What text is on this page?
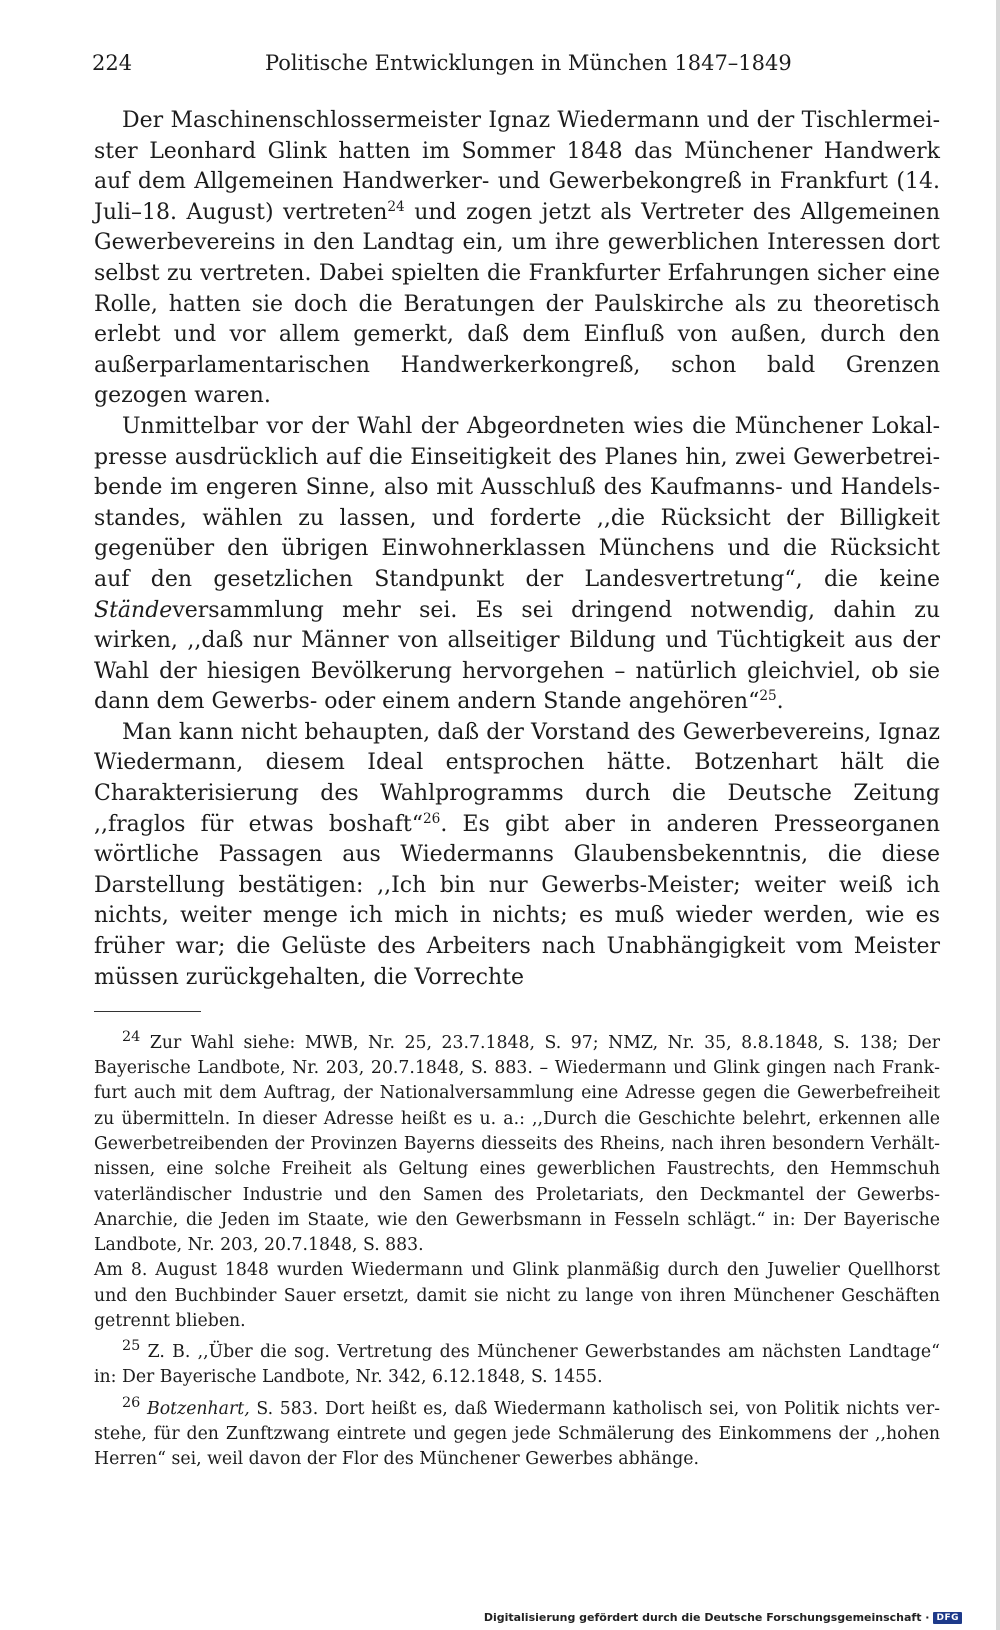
224	Politische Entwicklungen in München 1847–1849

Der Maschinenschlossermeister Ignaz Wiedermann und der Tischlermeister Leonhard Glink hatten im Sommer 1848 das Münchener Handwerk auf dem Allgemeinen Handwerker- und Gewerbekongreß in Frankfurt (14. Juli–18. August) vertreten$^{24}$ und zogen jetzt als Vertreter des Allgemeinen Gewerbevereins in den Landtag ein, um ihre gewerblichen Interessen dort selbst zu vertreten. Dabei spielten die Frankfurter Erfahrungen sicher eine Rolle, hatten sie doch die Beratungen der Paulskirche als zu theoretisch erlebt und vor allem gemerkt, daß dem Einfluß von außen, durch den außerparlamentarischen Handwerkerkongreß, schon bald Grenzen gezogen waren.

Unmittelbar vor der Wahl der Abgeordneten wies die Münchener Lokalpresse ausdrücklich auf die Einseitigkeit des Planes hin, zwei Gewerbetreibende im engeren Sinne, also mit Ausschluß des Kaufmanns- und Handelsstandes, wählen zu lassen, und forderte ,,die Rücksicht der Billigkeit gegenüber den übrigen Einwohnerklassen Münchens und die Rücksicht auf den gesetzlichen Standpunkt der Landesvertretung“, die keine Ständeversammlung mehr sei. Es sei dringend notwendig, dahin zu wirken, ,,daß nur Männer von allseitiger Bildung und Tüchtigkeit aus der Wahl der hiesigen Bevölkerung hervorgehen – natürlich gleichviel, ob sie dann dem Gewerbs- oder einem andern Stande angehören“$^{25}$.

Man kann nicht behaupten, daß der Vorstand des Gewerbevereins, Ignaz Wiedermann, diesem Ideal entsprochen hätte. Botzenhart hält die Charakterisierung des Wahlprogramms durch die Deutsche Zeitung ,,fraglos für etwas boshaft“$^{26}$. Es gibt aber in anderen Presseorganen wörtliche Passagen aus Wiedermanns Glaubensbekenntnis, die diese Darstellung bestätigen: ,,Ich bin nur Gewerbs-Meister; weiter weiß ich nichts, weiter menge ich mich in nichts; es muß wieder werden, wie es früher war; die Gelüste des Arbeiters nach Unabhängigkeit vom Meister müssen zurückgehalten, die Vorrechte

$^{24}$ Zur Wahl siehe: MWB, Nr. 25, 23.7.1848, S. 97; NMZ, Nr. 35, 8.8.1848, S. 138; Der Bayerische Landbote, Nr. 203, 20.7.1848, S. 883. – Wiedermann und Glink gingen nach Frankfurt auch mit dem Auftrag, der Nationalversammlung eine Adresse gegen die Gewerbefreiheit zu übermitteln. In dieser Adresse heißt es u. a.: ,,Durch die Geschichte belehrt, erkennen alle Gewerbetreibenden der Provinzen Bayerns diesseits des Rheins, nach ihren besondern Verhältnissen, eine solche Freiheit als Geltung eines gewerblichen Faustrechts, den Hemmschuh vaterländischer Industrie und den Samen des Proletariats, den Deckmantel der Gewerbs-Anarchie, die Jeden im Staate, wie den Gewerbsmann in Fesseln schlägt.“ in: Der Bayerische Landbote, Nr. 203, 20.7.1848, S. 883.

Am 8. August 1848 wurden Wiedermann und Glink planmäßig durch den Juwelier Quellhorst und den Buchbinder Sauer ersetzt, damit sie nicht zu lange von ihren Münchener Geschäften getrennt blieben.

$^{25}$ Z. B. ,,Über die sog. Vertretung des Münchener Gewerbstandes am nächsten Landtage“ in: Der Bayerische Landbote, Nr. 342, 6.12.1848, S. 1455.

$^{26}$ Botzenhart, S. 583. Dort heißt es, daß Wiedermann katholisch sei, von Politik nichts verstehe, für den Zunftzwang eintrete und gegen jede Schmälerung des Einkommens der ,,hohen Herren“ sei, weil davon der Flor des Münchener Gewerbes abhänge.

Digitalisierung gefördert durch die Deutsche Forschungsgemeinschaft · DFG
